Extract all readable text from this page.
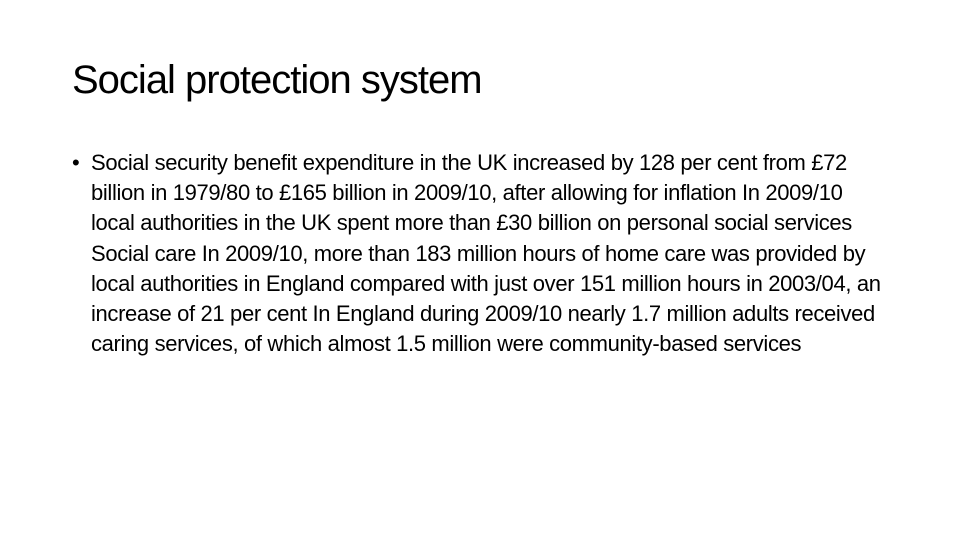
Social protection system
• Social security benefit expenditure in the UK increased by 128 per cent from £72 billion in 1979/80 to £165 billion in 2009/10, after allowing for inflation In 2009/10 local authorities in the UK spent more than £30 billion on personal social services Social care In 2009/10, more than 183 million hours of home care was provided by local authorities in England compared with just over 151 million hours in 2003/04, an increase of 21 per cent In England during 2009/10 nearly 1.7 million adults received caring services, of which almost 1.5 million were community-based services
